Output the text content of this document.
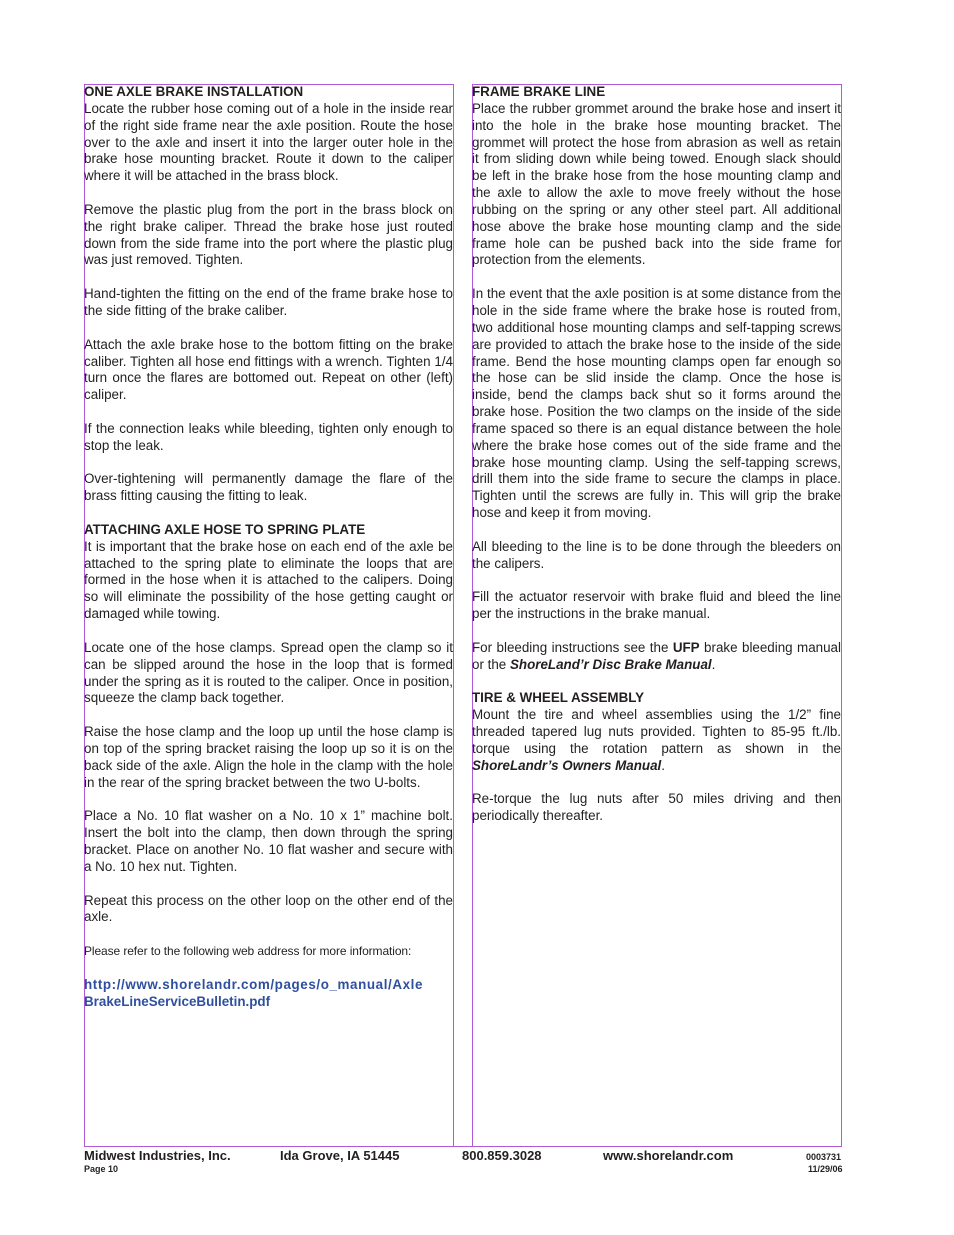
ONE AXLE BRAKE INSTALLATION

Locate the rubber hose coming out of a hole in the inside rear of the right side frame near the axle position. Route the hose over to the axle and insert it into the larger outer hole in the brake hose mounting bracket. Route it down to the caliper where it will be attached in the brass block.

Remove the plastic plug from the port in the brass block on the right brake caliper. Thread the brake hose just routed down from the side frame into the port where the plastic plug was just removed. Tighten.

Hand-tighten the fitting on the end of the frame brake hose to the side fitting of the brake caliber.

Attach the axle brake hose to the bottom fitting on the brake caliber. Tighten all hose end fittings with a wrench. Tighten 1/4 turn once the flares are bottomed out. Repeat on other (left) caliper.

If the connection leaks while bleeding, tighten only enough to stop the leak.

Over-tightening will permanently damage the flare of the brass fitting causing the fitting to leak.

ATTACHING AXLE HOSE TO SPRING PLATE

It is important that the brake hose on each end of the axle be attached to the spring plate to eliminate the loops that are formed in the hose when it is attached to the calipers. Doing so will eliminate the possibility of the hose getting caught or damaged while towing.

Locate one of the hose clamps. Spread open the clamp so it can be slipped around the hose in the loop that is formed under the spring as it is routed to the caliper. Once in position, squeeze the clamp back together.

Raise the hose clamp and the loop up until the hose clamp is on top of the spring bracket raising the loop up so it is on the back side of the axle. Align the hole in the clamp with the hole in the rear of the spring bracket between the two U-bolts.

Place a No. 10 flat washer on a No. 10 x 1” machine bolt. Insert the bolt into the clamp, then down through the spring bracket. Place on another No. 10 flat washer and secure with a No. 10 hex nut. Tighten.

Repeat this process on the other loop on the other end of the axle.

Please refer to the following web address for more information:

http://www.shorelandr.com/pages/o_manual/Axle
BrakeLineServiceBulletin.pdf

FRAME BRAKE LINE

Place the rubber grommet around the brake hose and insert it into the hole in the brake hose mounting bracket. The grommet will protect the hose from abrasion as well as retain it from sliding down while being towed. Enough slack should be left in the brake hose from the hose mounting clamp and the axle to allow the axle to move freely without the hose rubbing on the spring or any other steel part. All additional hose above the brake hose mounting clamp and the side frame hole can be pushed back into the side frame for protection from the elements.

In the event that the axle position is at some distance from the hole in the side frame where the brake hose is routed from, two additional hose mounting clamps and self-tapping screws are provided to attach the brake hose to the inside of the side frame. Bend the hose mounting clamps open far enough so the hose can be slid inside the clamp. Once the hose is inside, bend the clamps back shut so it forms around the brake hose. Position the two clamps on the inside of the side frame spaced so there is an equal distance between the hole where the brake hose comes out of the side frame and the brake hose mounting clamp. Using the self-tapping screws, drill them into the side frame to secure the clamps in place. Tighten until the screws are fully in. This will grip the brake hose and keep it from moving.

All bleeding to the line is to be done through the bleeders on the calipers.

Fill the actuator reservoir with brake fluid and bleed the line per the instructions in the brake manual.

For bleeding instructions see the UFP brake bleeding manual or the ShoreLand’r Disc Brake Manual.

TIRE & WHEEL ASSEMBLY

Mount the tire and wheel assemblies using the 1/2” fine threaded tapered lug nuts provided. Tighten to 85-95 ft./lb. torque using the rotation pattern as shown in the ShoreLandr’s Owners Manual.

Re-torque the lug nuts after 50 miles driving and then periodically thereafter.

Midwest Industries, Inc.	Ida Grove, IA 51445	800.859.3028	www.shorelandr.com	0003731
Page 10	11/29/06
